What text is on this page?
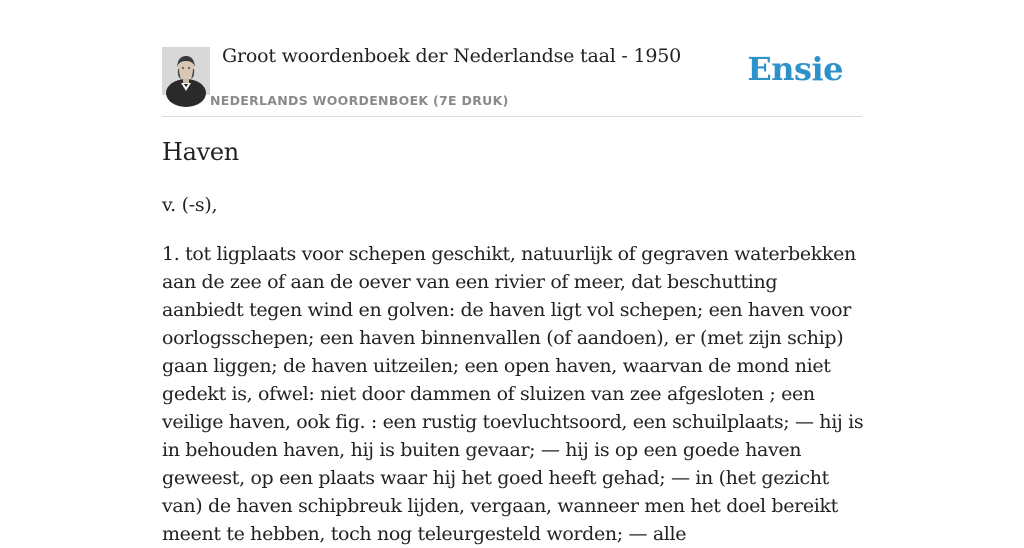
Groot woordenboek der Nederlandse taal - 1950
NEDERLANDS WOORDENBOEK (7E DRUK)
Ensie
Haven

v. (-s),

1. tot ligplaats voor schepen geschikt, natuurlijk of gegraven waterbekken aan de zee of aan de oever van een rivier of meer, dat beschutting aanbiedt tegen wind en golven: de haven ligt vol schepen; een haven voor oorlogsschepen; een haven binnenvallen (of aandoen), er (met zijn schip) gaan liggen; de haven uitzeilen; een open haven, waarvan de mond niet gedekt is, ofwel: niet door dammen of sluizen van zee afgesloten ; een veilige haven, ook fig. : een rustig toevluchtsoord, een schuilplaats; — hij is in behouden haven, hij is buiten gevaar; — hij is op een goede haven geweest, op een plaats waar hij het goed heeft gehad; — in (het gezicht van) de haven schipbreuk lijden, vergaan, wanneer men het doel bereikt meent te hebben, toch nog teleurgesteld worden; — alle
